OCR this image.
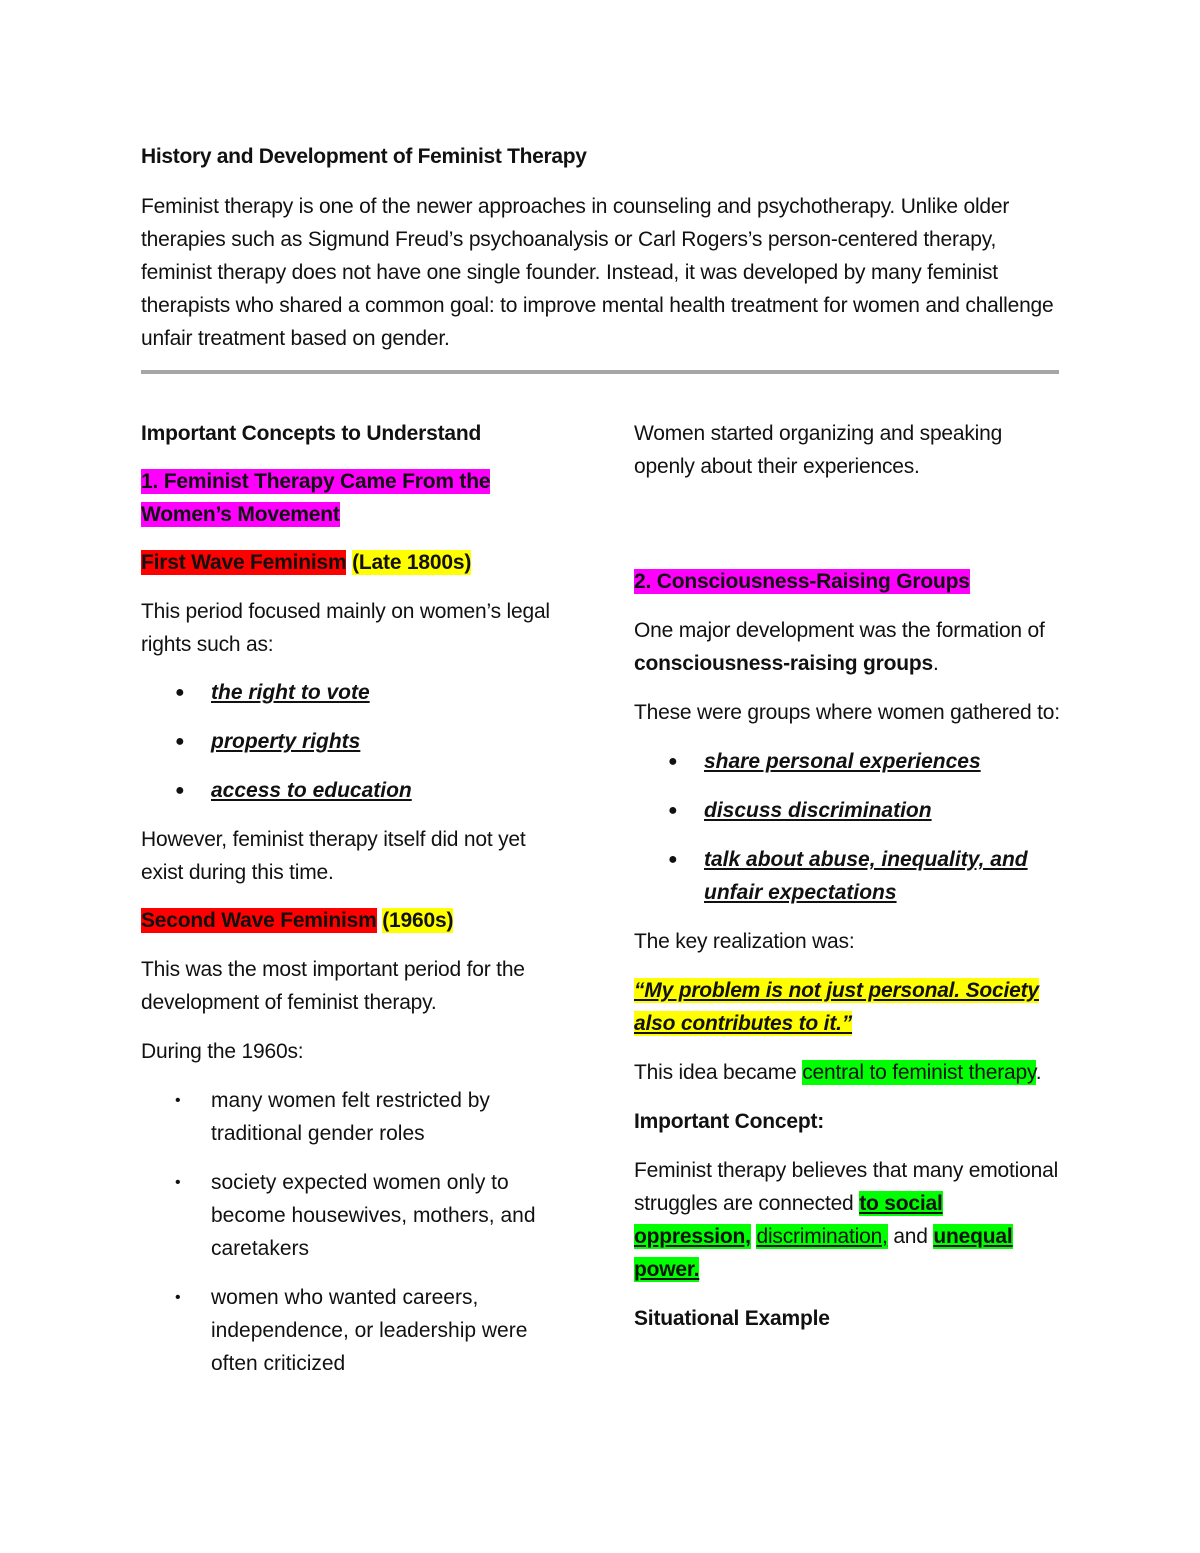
History and Development of Feminist Therapy

Feminist therapy is one of the newer approaches in counseling and psychotherapy. Unlike older therapies such as Sigmund Freud’s psychoanalysis or Carl Rogers’s person-centered therapy, feminist therapy does not have one single founder. Instead, it was developed by many feminist therapists who shared a common goal: to improve mental health treatment for women and challenge unfair treatment based on gender.

Important Concepts to Understand

1. Feminist Therapy Came From the Women’s Movement

First Wave Feminism (Late 1800s)

This period focused mainly on women’s legal rights such as:

● the right to vote
● property rights
● access to education

However, feminist therapy itself did not yet exist during this time.

Second Wave Feminism (1960s)

This was the most important period for the development of feminist therapy.

During the 1960s:

•	many women felt restricted by traditional gender roles
•	society expected women only to become housewives, mothers, and caretakers
•	women who wanted careers, independence, or leadership were often criticized

Women started organizing and speaking openly about their experiences.

2. Consciousness-Raising Groups

One major development was the formation of consciousness-raising groups.

These were groups where women gathered to:

● share personal experiences
● discuss discrimination
● talk about abuse, inequality, and unfair expectations

The key realization was:

“My problem is not just personal. Society also contributes to it.”

This idea became central to feminist therapy.

Important Concept:

Feminist therapy believes that many emotional struggles are connected to social oppression, discrimination, and unequal power.

Situational Example
